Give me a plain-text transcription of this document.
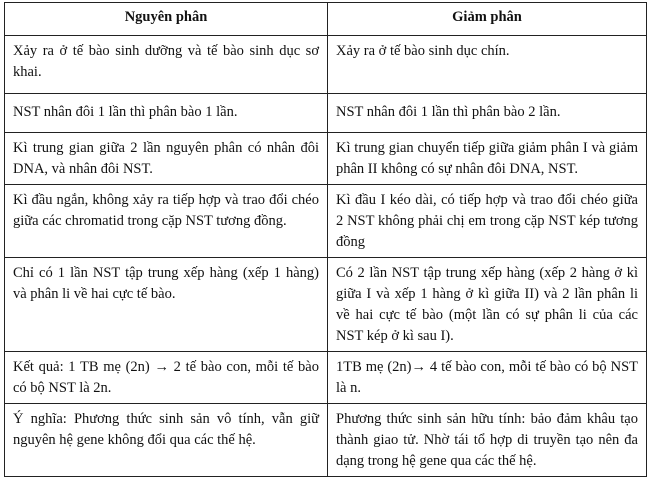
Nguyên phân	Giảm phân
Xảy ra ở tế bào sinh dưỡng và tế bào sinh dục sơ khai.	Xảy ra ở tế bào sinh dục chín.
NST nhân đôi 1 lần thì phân bào 1 lần.	NST nhân đôi 1 lần thì phân bào 2 lần.
Kì trung gian giữa 2 lần nguyên phân có nhân đôi DNA, và nhân đôi NST.	Kì trung gian chuyển tiếp giữa giảm phân I và giảm phân II không có sự nhân đôi DNA, NST.
Kì đầu ngắn, không xảy ra tiếp hợp và trao đổi chéo giữa các chromatid trong cặp NST tương đồng.	Kì đầu I kéo dài, có tiếp hợp và trao đổi chéo giữa 2 NST không phải chị em trong cặp NST kép tương đồng
Chỉ có 1 lần NST tập trung xếp hàng (xếp 1 hàng) và phân li về hai cực tế bào.	Có 2 lần NST tập trung xếp hàng (xếp 2 hàng ở kì giữa I và xếp 1 hàng ở kì giữa II) và 2 lần phân li về hai cực tế bào (một lần có sự phân li của các NST kép ở kì sau I).
Kết quả: 1 TB mẹ (2n) → 2 tế bào con, mỗi tế bào có bộ NST là 2n.	1TB mẹ (2n)→ 4 tế bào con, mỗi tế bào có bộ NST là n.
Ý nghĩa: Phương thức sinh sản vô tính, vẫn giữ nguyên hệ gene không đổi qua các thế hệ.	Phương thức sinh sản hữu tính: bảo đảm khâu tạo thành giao tử. Nhờ tái tổ hợp di truyền tạo nên đa dạng trong hệ gene qua các thế hệ.
